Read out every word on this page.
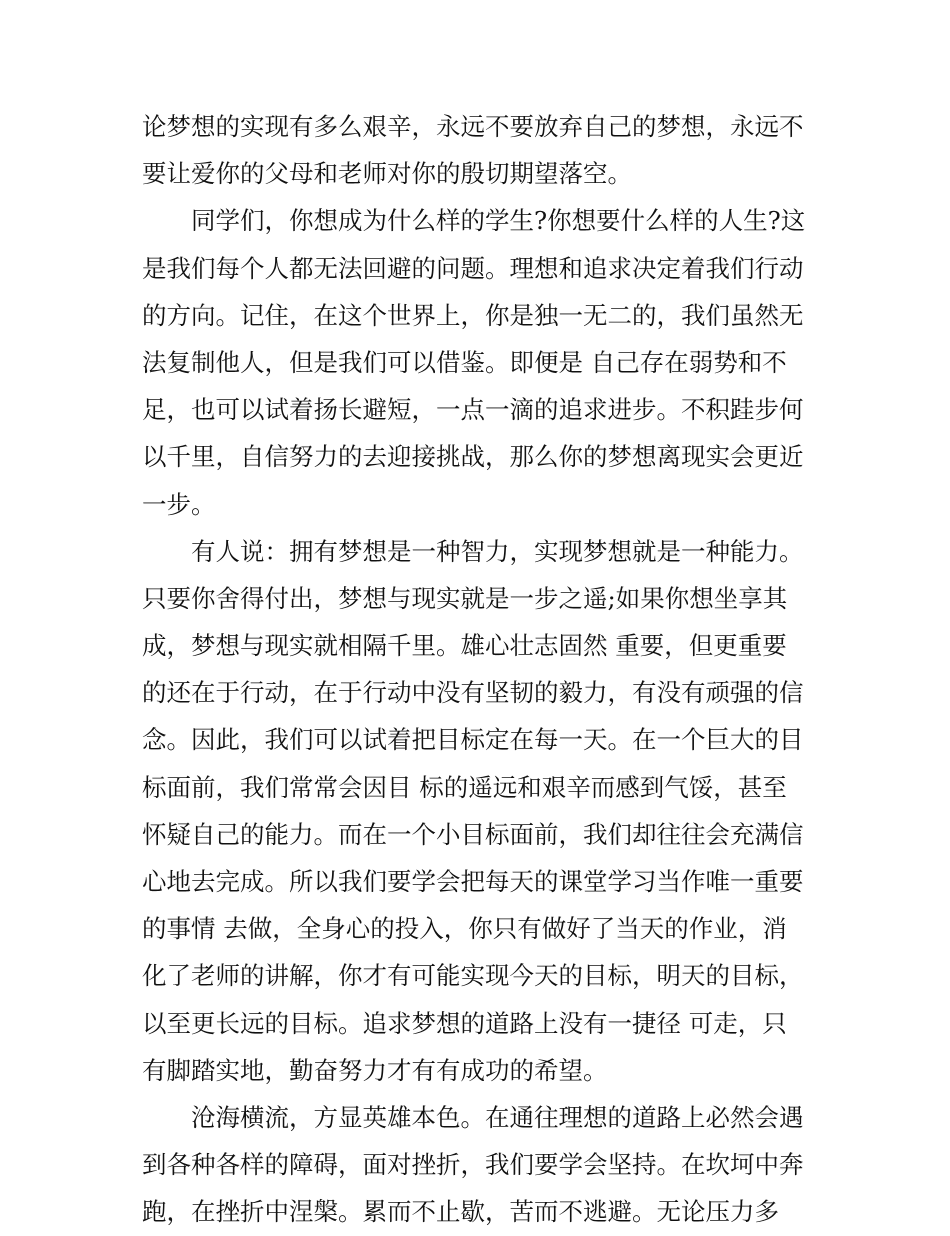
论梦想的实现有多么艰辛，永远不要放弃自己的梦想，永远不
要让爱你的父母和老师对你的殷切期望落空。
同学们，你想成为什么样的学生?你想要什么样的人生?这
是我们每个人都无法回避的问题。理想和追求决定着我们行动
的方向。记住，在这个世界上，你是独一无二的，我们虽然无
法复制他人，但是我们可以借鉴。即便是 自己存在弱势和不
足，也可以试着扬长避短，一点一滴的追求进步。不积跬步何
以千里，自信努力的去迎接挑战，那么你的梦想离现实会更近
一步。
有人说：拥有梦想是一种智力，实现梦想就是一种能力。
只要你舍得付出，梦想与现实就是一步之遥;如果你想坐享其
成，梦想与现实就相隔千里。雄心壮志固然 重要，但更重要
的还在于行动，在于行动中没有坚韧的毅力，有没有顽强的信
念。因此，我们可以试着把目标定在每一天。在一个巨大的目
标面前，我们常常会因目 标的遥远和艰辛而感到气馁，甚至
怀疑自己的能力。而在一个小目标面前，我们却往往会充满信
心地去完成。所以我们要学会把每天的课堂学习当作唯一重要
的事情 去做，全身心的投入，你只有做好了当天的作业，消
化了老师的讲解，你才有可能实现今天的目标，明天的目标，
以至更长远的目标。追求梦想的道路上没有一捷径 可走，只
有脚踏实地，勤奋努力才有有成功的希望。
沧海横流，方显英雄本色。在通往理想的道路上必然会遇
到各种各样的障碍，面对挫折，我们要学会坚持。在坎坷中奔
跑，在挫折中涅槃。累而不止歇，苦而不逃避。无论压力多
